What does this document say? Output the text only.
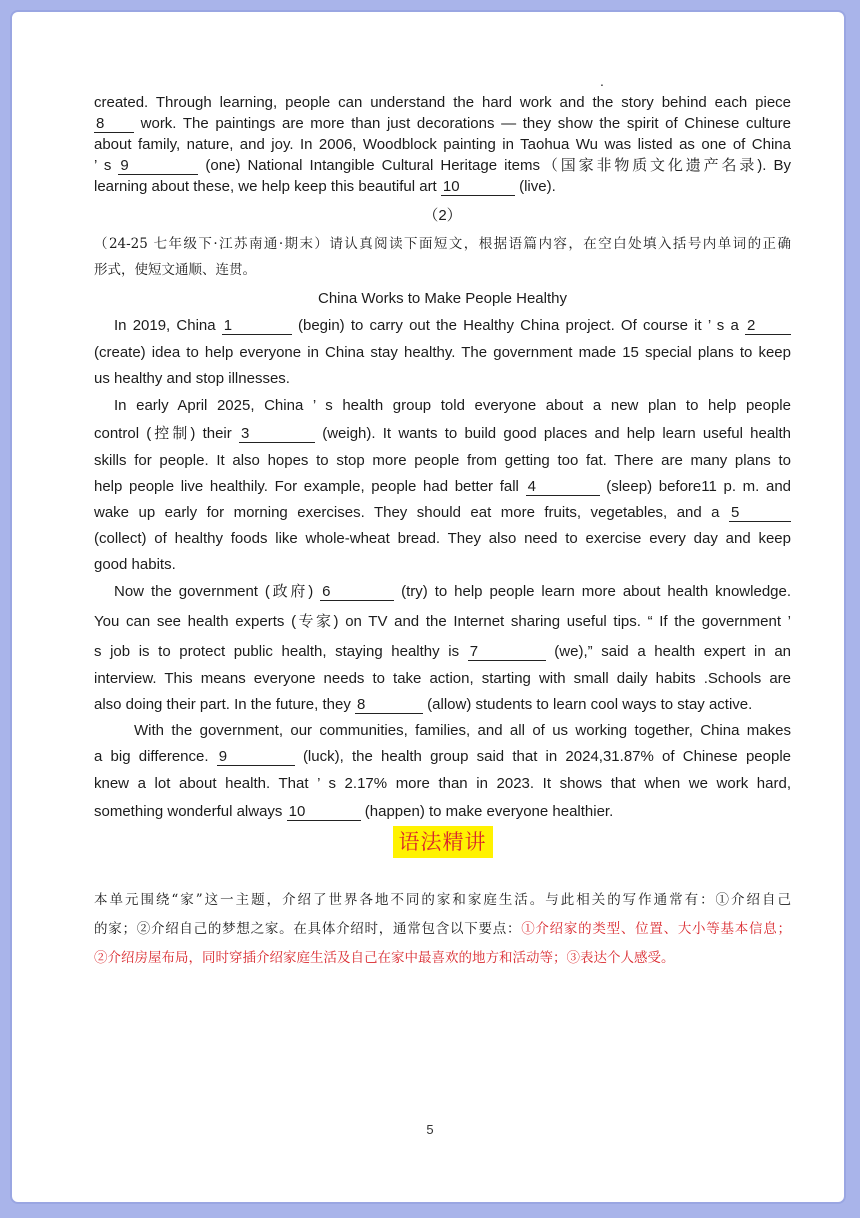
.
created. Through learning, people can understand the hard work and the story behind each piece
8 work. The paintings are more than just decorations — they show the spirit of Chinese culture
about family, nature, and joy. In 2006, Woodblock painting in Taohua Wu was listed as one of China
’ s 9	(one) National Intangible Cultural Heritage items（国家非物质文化遗产名录). By
learning about these, we help keep this beautiful art 10	(live).
（2）
（24-25 七年级下·江苏南通·期末）请认真阅读下面短文，根据语篇内容，在空白处填入括号内单词的正确
形式，使短文通顺、连贯。
China Works to Make People Healthy
In 2019, China 1	(begin) to carry out the Healthy China project. Of course it ’ s a 2
(create) idea to help everyone in China stay healthy. The government made 15 special plans to keep
us healthy and stop illnesses.
In early April 2025, China ’ s health group told everyone about a new plan to help people
control (控制) their 3	(weigh). It wants to build good places and help learn useful health
skills for people. It also hopes to stop more people from getting too fat. There are many plans to
help people live healthily. For example, people had better fall 4	(sleep) before11 p. m. and
wake up early for morning exercises. They should eat more fruits, vegetables, and a 5
(collect) of healthy foods like whole-wheat bread. They also need to exercise every day and keep
good habits.
Now the government (政府) 6	(try) to help people learn more about health knowledge.
You can see health experts (专家) on TV and the Internet sharing useful tips. “ If the government ’
s job is to protect public health, staying healthy is 7	(we),” said a health expert in an
interview. This means everyone needs to take action, starting with small daily habits .Schools are
also doing their part. In the future, they 8	(allow) students to learn cool ways to stay active.
With the government, our communities, families, and all of us working together, China makes
a big difference. 9	(luck), the health group said that in 2024,31.87% of Chinese people
knew a lot about health. That ’ s 2.17% more than in 2023. It shows that when we work hard,
something wonderful always 10	(happen) to make everyone healthier.
语法精讲
本单元围绕“家”这一主题，介绍了世界各地不同的家和家庭生活。与此相关的写作通常有：①介绍自己
的家；②介绍自己的梦想之家。在具体介绍时，通常包含以下要点：①介绍家的类型、位置、大小等基本信息；
②介绍房屋布局，同时穿插介绍家庭生活及自己在家中最喜欢的地方和活动等；③表达个人感受。
5
